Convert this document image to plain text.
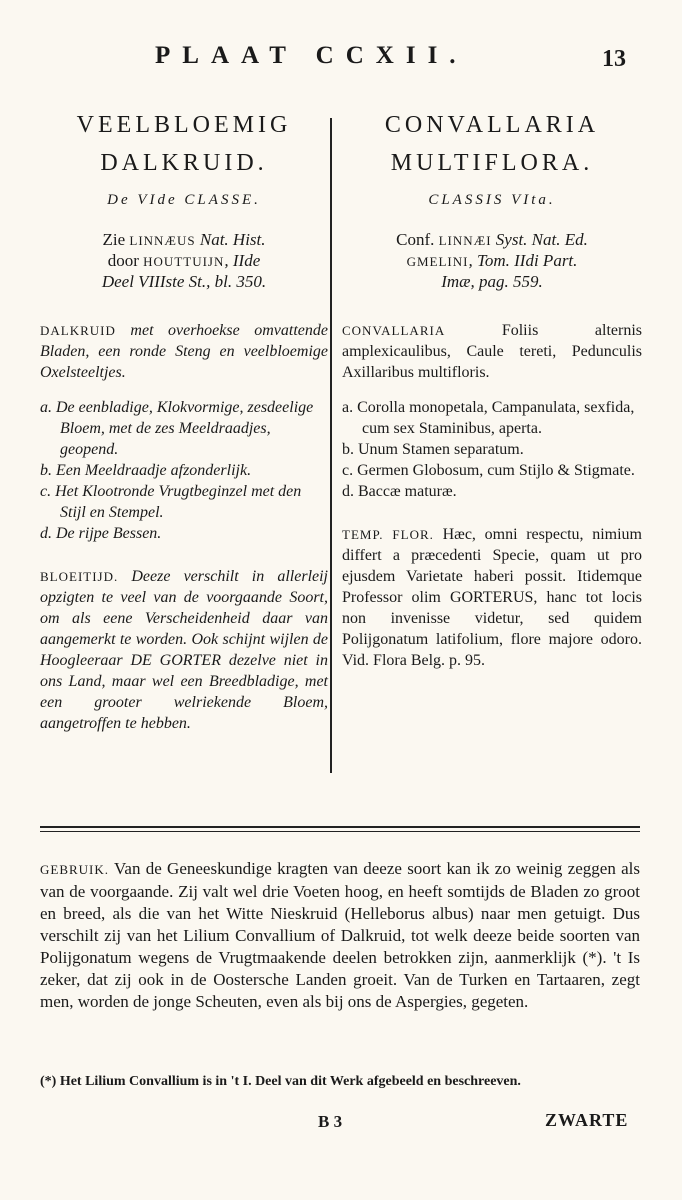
PLAAT CCXII.	13
VEELBLOEMIG
DALKRUID.
De VIde CLASSE.
Zie LINNÆUS Nat. Hist.
door HOUTTUIJN, IIde
Deel VIIIste St., bl. 350.
DALKRUID met overhoekse omvattende Bladen, een ronde Steng en veelbloemige Oxelsteeltjes.
a. De eenbladige, Klokvormige, zesdeelige Bloem, met de zes Meeldraadjes, geopend.
b. Een Meeldraadje afzonderlijk.
c. Het Klootronde Vrugtbeginzel met den Stijl en Stempel.
d. De rijpe Bessen.
BLOEITIJD. Deeze verschilt in allerleij opzigten te veel van de voorgaande Soort, om als eene Verscheidenheid daar van aangemerkt te worden. Ook schijnt wijlen de Hoogleeraar DE GORTER dezelve niet in ons Land, maar wel een Breedbladige, met een grooter welriekende Bloem, aangetroffen te hebben.
CONVALLARIA
MULTIFLORA.
CLASSIS VIta.
Conf. LINNÆI Syst. Nat. Ed.
GMELINI, Tom. IIdi Part.
Imæ, pag. 559.
CONVALLARIA Foliis alternis amplexicaulibus, Caule tereti, Pedunculis Axillaribus multifloris.
a. Corolla monopetala, Campanulata, sexfida, cum sex Staminibus, aperta.
b. Unum Stamen separatum.
c. Germen Globosum, cum Stijlo & Stigmate.
d. Baccæ maturæ.
TEMP. FLOR. Hæc, omni respectu, nimium differt a præcedenti Specie, quam ut pro ejusdem Varietate haberi possit. Itidemque Professor olim GORTERUS, hanc tot locis non invenisse videtur, sed quidem Polijgonatum latifolium, flore majore odoro. Vid. Flora Belg. p. 95.
GEBRUIK. Van de Geneeskundige kragten van deeze soort kan ik zo weinig zeggen als van de voorgaande. Zij valt wel drie Voeten hoog, en heeft somtijds de Bladen zo groot en breed, als die van het Witte Nieskruid (Helleborus albus) naar men getuigt. Dus verschilt zij van het Lilium Convallium of Dalkruid, tot welk deeze beide soorten van Polijgonatum wegens de Vrugtmaakende deelen betrokken zijn, aanmerklijk (*). 't Is zeker, dat zij ook in de Oostersche Landen groeit. Van de Turken en Tartaaren, zegt men, worden de jonge Scheuten, even als bij ons de Aspergies, gegeten.
(*) Het Lilium Convallium is in 't I. Deel van dit Werk afgebeeld en beschreeven.
B 3	ZWARTE
